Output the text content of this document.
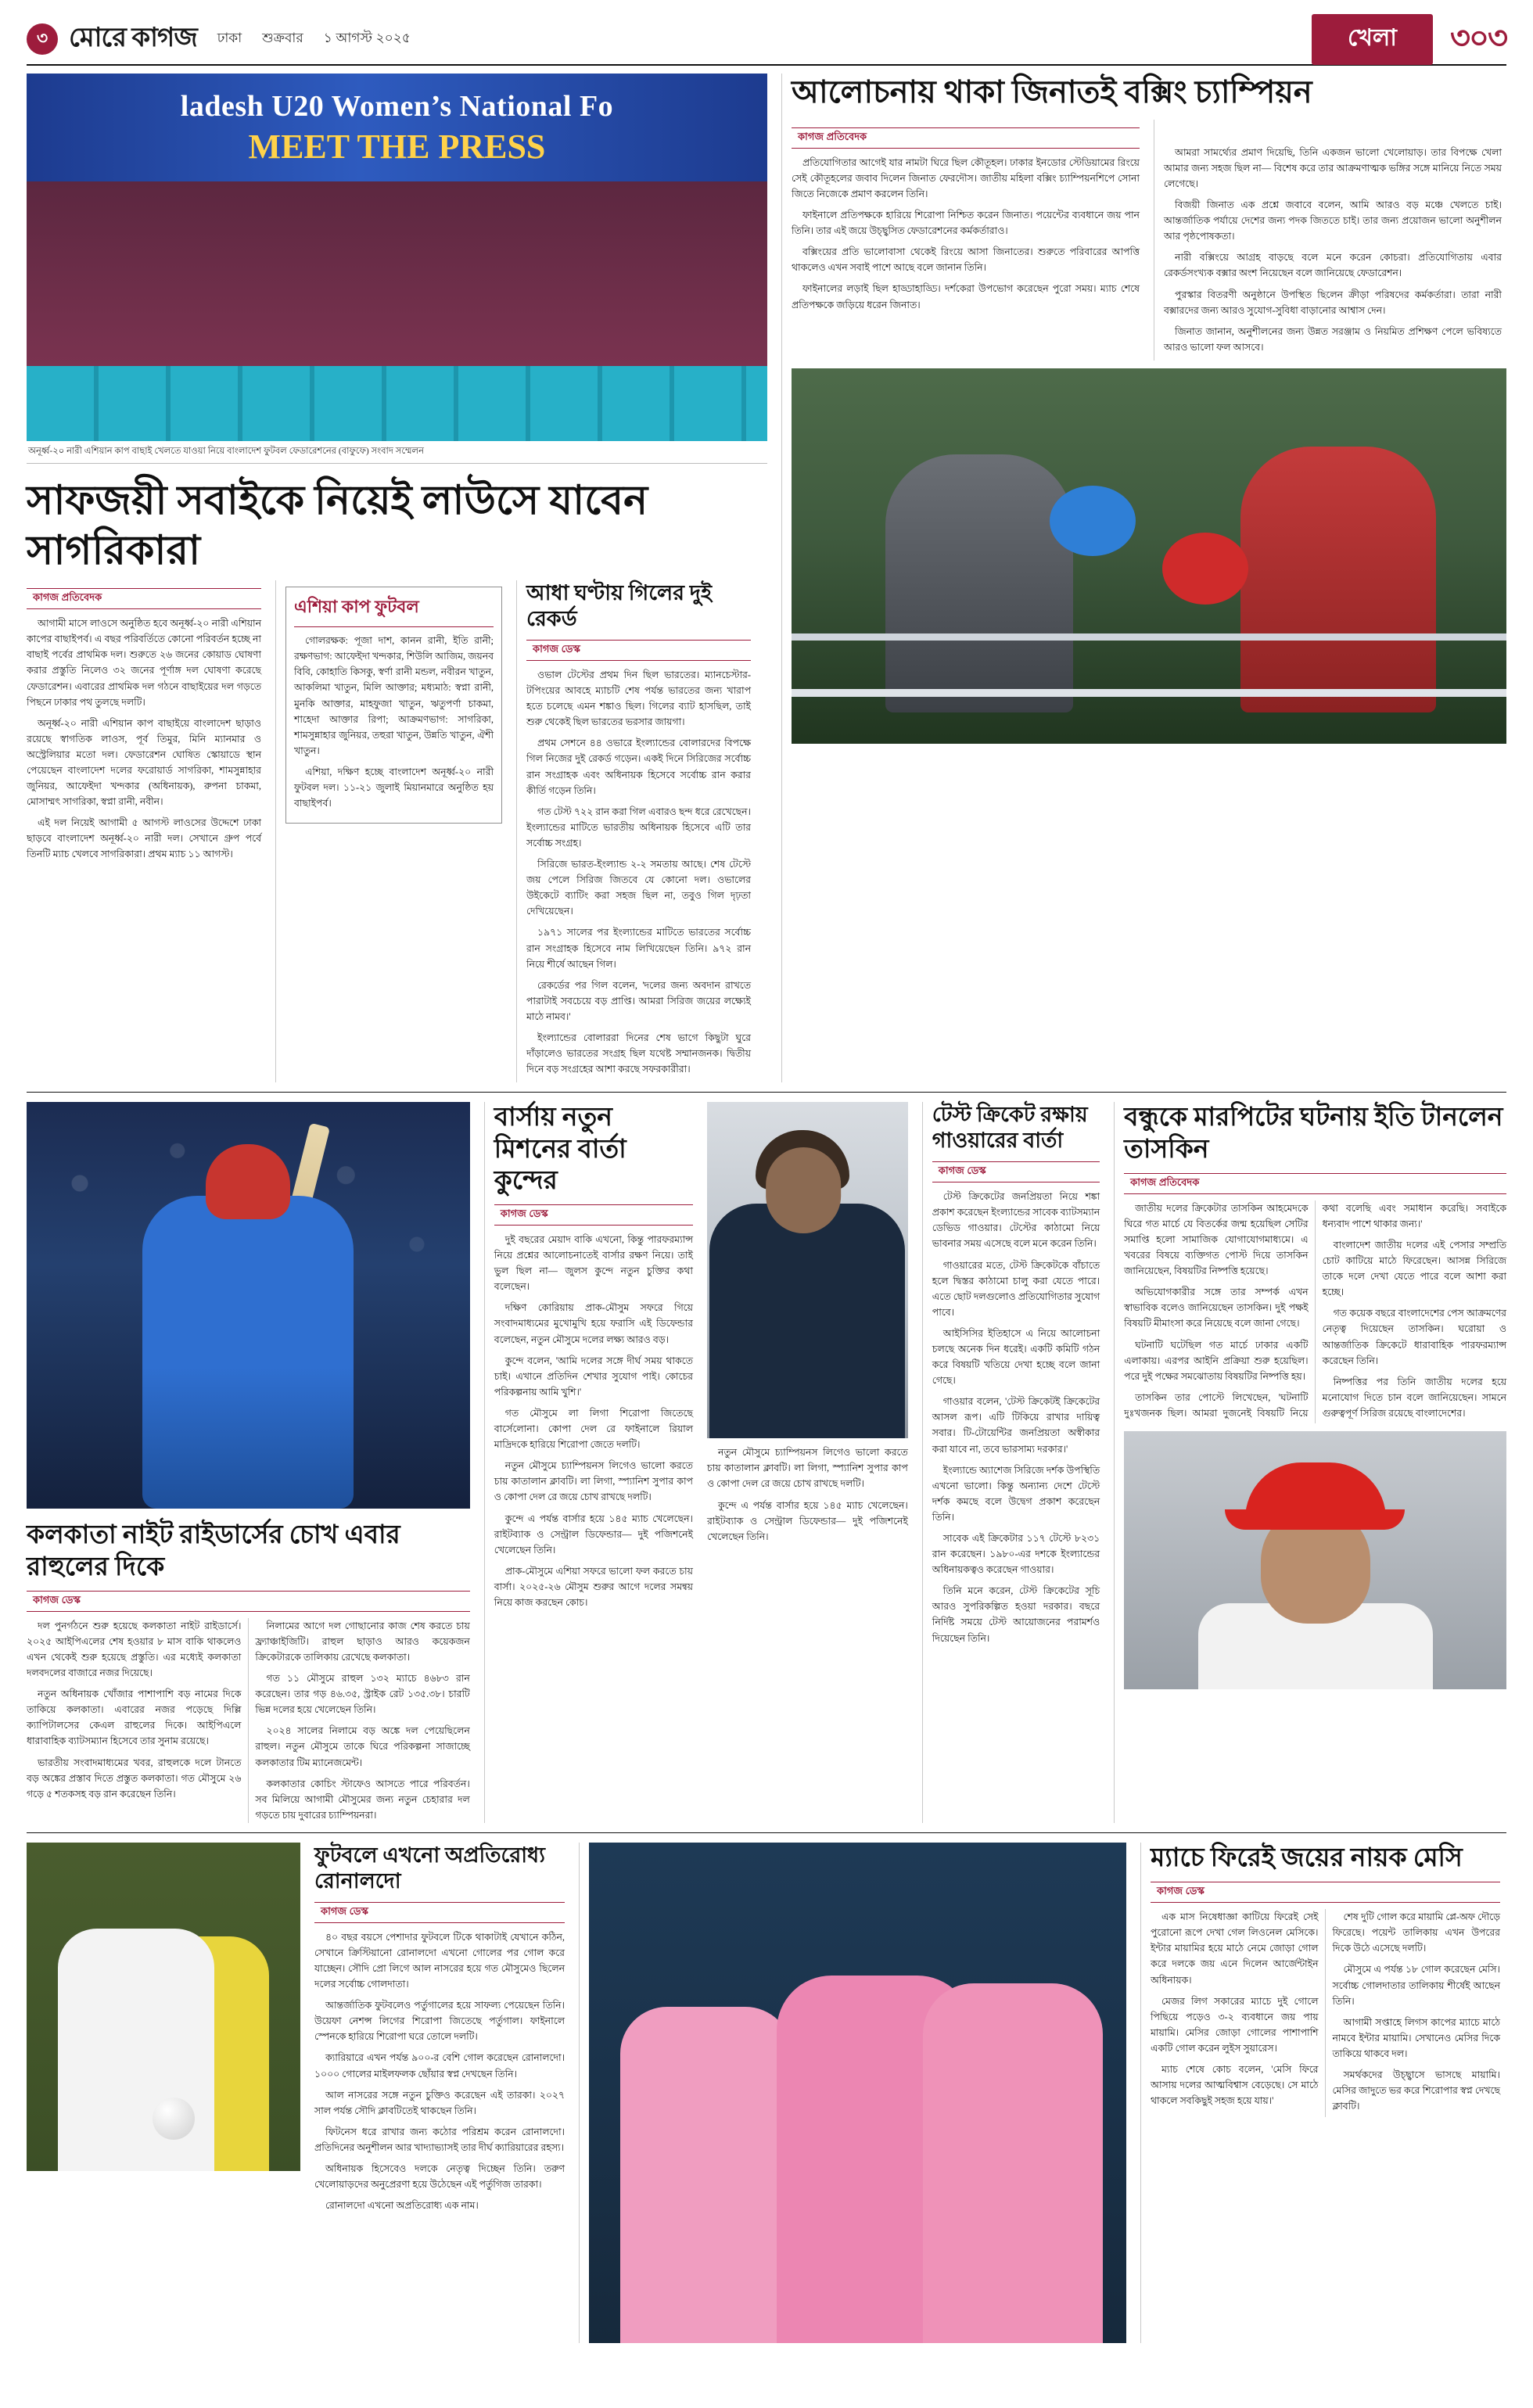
৩ মোরে কাগজ ঢাকা শুক্রবার ১ আগস্ট ২০২৫	খেলা	৩০৩
ladesh U20 Women’s National Fo
MEET THE PRESS
অনূর্ধ্ব-২০ নারী এশিয়ান কাপ বাছাই খেলতে যাওয়া নিয়ে বাংলাদেশ ফুটবল ফেডারেশনের (বাফুফে) সংবাদ সম্মেলন
সাফজয়ী সবাইকে নিয়েই লাউসে যাবেন সাগরিকারা
কাগজ প্রতিবেদক

আগামী মাসে লাওসে অনুষ্ঠিত হবে অনূর্ধ্ব-২০ নারী এশিয়ান কাপের বাছাইপর্ব। এ বছর পরিবর্তিতে কোনো পরিবর্তন হচ্ছে না বাছাই পর্বের প্রাথমিক দল। শুরুতে ২৬ জনের কোয়াড ঘোষণা করার প্রস্তুতি নিলেও ৩২ জনের পূর্ণাঙ্গ দল ঘোষণা করেছে ফেডারেশন। এবারের প্রাথমিক দল গঠনে বাছাইয়ের দল গড়তে পিছনে ঢাকার পথ তুলছে দলটি।

অনূর্ধ্ব-২০ নারী এশিয়ান কাপ বাছাইয়ে বাংলাদেশ ছাড়াও রয়েছে স্বাগতিক লাওস, পূর্ব তিমুর, মিনি ম্যানমার ও অস্ট্রেলিয়ার মতো দল। ফেডারেশন ঘোষিত স্কোয়াডে স্থান পেয়েছেন বাংলাদেশ দলের ফরোয়ার্ড সাগরিকা, শামসুন্নাহার জুনিয়র, আফেইদা খন্দকার (অধিনায়ক), রুপনা চাকমা, মোসাম্মৎ সাগরিকা, স্বপ্না রানী, নবীন।

এই দল নিয়েই আগামী ৫ আগস্ট লাওসের উদ্দেশে ঢাকা ছাড়বে বাংলাদেশ অনূর্ধ্ব-২০ নারী দল। সেখানে গ্রুপ পর্বে তিনটি ম্যাচ খেলবে সাগরিকারা। প্রথম ম্যাচ ১১ আগস্ট।

এশিয়া কাপ ফুটবল

গোলরক্ষক: পূজা দাশ, কানন রানী, ইতি রানী; রক্ষণভাগ: আফেইদা খন্দকার, শিউলি আজিম, জয়নব বিবি, কোহাতি কিসকু, স্বর্ণা রানী মন্ডল, নবীরন খাতুন, আকলিমা খাতুন, মিলি আক্তার; মধ্যমাঠ: স্বপ্না রানী, মুনকি আক্তার, মাহফুজা খাতুন, ঋতুপর্ণা চাকমা, শাহেদা আক্তার রিপা; আক্রমণভাগ: সাগরিকা, শামসুন্নাহার জুনিয়র, তহুরা খাতুন, উন্নতি খাতুন, ঐশী খাতুন।

এশিয়া, দক্ষিণ হচ্ছে বাংলাদেশ অনূর্ধ্ব-২০ নারী ফুটবল দল। ১১-২১ জুলাই মিয়ানমারে অনুষ্ঠিত হয় বাছাইপর্ব।

আধা ঘণ্টায় গিলের দুই রেকর্ড
কাগজ ডেস্ক

ওভাল টেস্টের প্রথম দিন ছিল ভারতের। ম্যানচেস্টার-টপিংয়ের আবহে ম্যাচটি শেষ পর্যন্ত ভারতের জন্য খারাপ হতে চলেছে এমন শঙ্কাও ছিল। গিলের ব্যাট হাসছিল, তাই শুরু থেকেই ছিল ভারতের ভরসার জায়গা।

প্রথম সেশনে ৪৪ ওভারে ইংল্যান্ডের বোলারদের বিপক্ষে গিল নিজের দুই রেকর্ড গড়েন। একই দিনে সিরিজের সর্বোচ্চ রান সংগ্রাহক এবং অধিনায়ক হিসেবে সর্বোচ্চ রান করার কীর্তি গড়েন তিনি।

গত টেস্ট ৭২২ রান করা গিল এবারও ছন্দ ধরে রেখেছেন। ইংল্যান্ডের মাটিতে ভারতীয় অধিনায়ক হিসেবে এটি তার সর্বোচ্চ সংগ্রহ।

সিরিজে ভারত-ইংল্যান্ড ২-২ সমতায় আছে। শেষ টেস্টে জয় পেলে সিরিজ জিতবে যে কোনো দল। ওভালের উইকেটে ব্যাটিং করা সহজ ছিল না, তবুও গিল দৃঢ়তা দেখিয়েছেন।

১৯৭১ সালের পর ইংল্যান্ডের মাটিতে ভারতের সর্বোচ্চ রান সংগ্রাহক হিসেবে নাম লিখিয়েছেন তিনি। ৯৭২ রান নিয়ে শীর্ষে আছেন গিল।

রেকর্ডের পর গিল বলেন, 'দলের জন্য অবদান রাখতে পারাটাই সবচেয়ে বড় প্রাপ্তি। আমরা সিরিজ জয়ের লক্ষ্যেই মাঠে নামব।'

ইংল্যান্ডের বোলাররা দিনের শেষ ভাগে কিছুটা ঘুরে দাঁড়ালেও ভারতের সংগ্রহ ছিল যথেষ্ট সম্মানজনক। দ্বিতীয় দিনে বড় সংগ্রহের আশা করছে সফরকারীরা।

আলোচনায় থাকা জিনাতই বক্সিং চ্যাম্পিয়ন
কাগজ প্রতিবেদক

প্রতিযোগিতার আগেই যার নামটা ঘিরে ছিল কৌতূহল। ঢাকার ইনডোর স্টেডিয়ামের রিংয়ে সেই কৌতূহলের জবাব দিলেন জিনাত ফেরদৌস। জাতীয় মহিলা বক্সিং চ্যাম্পিয়নশিপে সোনা জিতে নিজেকে প্রমাণ করলেন তিনি।

ফাইনালে প্রতিপক্ষকে হারিয়ে শিরোপা নিশ্চিত করেন জিনাত। পয়েন্টের ব্যবধানে জয় পান তিনি। তার এই জয়ে উচ্ছ্বসিত ফেডারেশনের কর্মকর্তারাও।

বক্সিংয়ের প্রতি ভালোবাসা থেকেই রিংয়ে আসা জিনাতের। শুরুতে পরিবারের আপত্তি থাকলেও এখন সবাই পাশে আছে বলে জানান তিনি।

ফাইনালের লড়াই ছিল হাড্ডাহাড্ডি। দর্শকেরা উপভোগ করেছেন পুরো সময়। ম্যাচ শেষে প্রতিপক্ষকে জড়িয়ে ধরেন জিনাত।

আমরা সামর্থ্যের প্রমাণ দিয়েছি, তিনি একজন ভালো খেলোয়াড়। তার বিপক্ষে খেলা আমার জন্য সহজ ছিল না— বিশেষ করে তার আক্রমণাত্মক ভঙ্গির সঙ্গে মানিয়ে নিতে সময় লেগেছে।

বিজয়ী জিনাত এক প্রশ্নে জবাবে বলেন, আমি আরও বড় মঞ্চে খেলতে চাই। আন্তর্জাতিক পর্যায়ে দেশের জন্য পদক জিততে চাই। তার জন্য প্রয়োজন ভালো অনুশীলন আর পৃষ্ঠপোষকতা।

নারী বক্সিংয়ে আগ্রহ বাড়ছে বলে মনে করেন কোচরা। প্রতিযোগিতায় এবার রেকর্ডসংখ্যক বক্সার অংশ নিয়েছেন বলে জানিয়েছে ফেডারেশন।

পুরস্কার বিতরণী অনুষ্ঠানে উপস্থিত ছিলেন ক্রীড়া পরিষদের কর্মকর্তারা। তারা নারী বক্সারদের জন্য আরও সুযোগ-সুবিধা বাড়ানোর আশ্বাস দেন।

জিনাত জানান, অনুশীলনের জন্য উন্নত সরঞ্জাম ও নিয়মিত প্রশিক্ষণ পেলে ভবিষ্যতে আরও ভালো ফল আসবে।

কলকাতা নাইট রাইডার্সের চোখ এবার রাহুলের দিকে
কাগজ ডেস্ক

দল পুনর্গঠনে শুরু হয়েছে কলকাতা নাইট রাইডার্সে। ২০২৫ আইপিএলের শেষ হওয়ার ৮ মাস বাকি থাকলেও এখন থেকেই শুরু হয়েছে প্রস্তুতি। এর মধ্যেই কলকাতা দলবদলের বাজারে নজর দিয়েছে।

নতুন অধিনায়ক খোঁজার পাশাপাশি বড় নামের দিকে তাকিয়ে কলকাতা। এবারের নজর পড়েছে দিল্লি ক্যাপিটালসের কেএল রাহুলের দিকে। আইপিএলে ধারাবাহিক ব্যাটসম্যান হিসেবে তার সুনাম রয়েছে।

ভারতীয় সংবাদমাধ্যমের খবর, রাহুলকে দলে টানতে বড় অঙ্কের প্রস্তাব দিতে প্রস্তুত কলকাতা। গত মৌসুমে ২৬ গড়ে ৫ শতকসহ বড় রান করেছেন তিনি।

নিলামের আগে দল গোছানোর কাজ শেষ করতে চায় ফ্র্যাঞ্চাইজিটি। রাহুল ছাড়াও আরও কয়েকজন ক্রিকেটারকে তালিকায় রেখেছে কলকাতা।

গত ১১ মৌসুমে রাহুল ১৩২ ম্যাচে ৪৬৮৩ রান করেছেন। তার গড় ৪৬.৩৫, স্ট্রাইক রেট ১৩৫.৩৮। চারটি ভিন্ন দলের হয়ে খেলেছেন তিনি।

২০২৪ সালের নিলামে বড় অঙ্কে দল পেয়েছিলেন রাহুল। নতুন মৌসুমে তাকে ঘিরে পরিকল্পনা সাজাচ্ছে কলকাতার টিম ম্যানেজমেন্ট।

কলকাতার কোচিং স্টাফেও আসতে পারে পরিবর্তন। সব মিলিয়ে আগামী মৌসুমের জন্য নতুন চেহারার দল গড়তে চায় দুবারের চ্যাম্পিয়নরা।

বার্সায় নতুন মিশনের বার্তা কুন্দের
কাগজ ডেস্ক

দুই বছরের মেয়াদ বাকি এখনো, কিন্তু পারফরম্যান্স নিয়ে প্রশ্নের আলোচনাতেই বার্সার রক্ষণ নিয়ে। তাই ভুল ছিল না— জুলস কুন্দে নতুন চুক্তির কথা বলেছেন।

দক্ষিণ কোরিয়ায় প্রাক-মৌসুম সফরে গিয়ে সংবাদমাধ্যমের মুখোমুখি হয়ে ফরাসি এই ডিফেন্ডার বলেছেন, নতুন মৌসুমে দলের লক্ষ্য আরও বড়।

কুন্দে বলেন, 'আমি দলের সঙ্গে দীর্ঘ সময় থাকতে চাই। এখানে প্রতিদিন শেখার সুযোগ পাই। কোচের পরিকল্পনায় আমি খুশি।'

গত মৌসুমে লা লিগা শিরোপা জিতেছে বার্সেলোনা। কোপা দেল রে ফাইনালে রিয়াল মাদ্রিদকে হারিয়ে শিরোপা জেতে দলটি।

নতুন মৌসুমে চ্যাম্পিয়নস লিগেও ভালো করতে চায় কাতালান ক্লাবটি। লা লিগা, স্প্যানিশ সুপার কাপ ও কোপা দেল রে জয়ে চোখ রাখছে দলটি।

কুন্দে এ পর্যন্ত বার্সার হয়ে ১৪৫ ম্যাচ খেলেছেন। রাইটব্যাক ও সেন্ট্রাল ডিফেন্ডার— দুই পজিশনেই খেলেছেন তিনি।

প্রাক-মৌসুমে এশিয়া সফরে ভালো ফল করতে চায় বার্সা। ২০২৫-২৬ মৌসুম শুরুর আগে দলের সমন্বয় নিয়ে কাজ করছেন কোচ।

নতুন মৌসুমে চ্যাম্পিয়নস লিগেও ভালো করতে চায় কাতালান ক্লাবটি। লা লিগা, স্প্যানিশ সুপার কাপ ও কোপা দেল রে জয়ে চোখ রাখছে দলটি।

কুন্দে এ পর্যন্ত বার্সার হয়ে ১৪৫ ম্যাচ খেলেছেন। রাইটব্যাক ও সেন্ট্রাল ডিফেন্ডার— দুই পজিশনেই খেলেছেন তিনি।

টেস্ট ক্রিকেট রক্ষায় গাওয়ারের বার্তা
কাগজ ডেস্ক

টেস্ট ক্রিকেটের জনপ্রিয়তা নিয়ে শঙ্কা প্রকাশ করেছেন ইংল্যান্ডের সাবেক ব্যাটসম্যান ডেভিড গাওয়ার। টেস্টের কাঠামো নিয়ে ভাবনার সময় এসেছে বলে মনে করেন তিনি।

গাওয়ারের মতে, টেস্ট ক্রিকেটকে বাঁচাতে হলে দ্বিস্তর কাঠামো চালু করা যেতে পারে। এতে ছোট দলগুলোও প্রতিযোগিতার সুযোগ পাবে।

আইসিসির ইতিহাসে এ নিয়ে আলোচনা চলছে অনেক দিন ধরেই। একটি কমিটি গঠন করে বিষয়টি খতিয়ে দেখা হচ্ছে বলে জানা গেছে।

গাওয়ার বলেন, 'টেস্ট ক্রিকেটই ক্রিকেটের আসল রূপ। এটি টিকিয়ে রাখার দায়িত্ব সবার। টি-টোয়েন্টির জনপ্রিয়তা অস্বীকার করা যাবে না, তবে ভারসাম্য দরকার।'

ইংল্যান্ডে অ্যাশেজ সিরিজে দর্শক উপস্থিতি এখনো ভালো। কিন্তু অন্যান্য দেশে টেস্টে দর্শক কমছে বলে উদ্বেগ প্রকাশ করেছেন তিনি।

সাবেক এই ক্রিকেটার ১১৭ টেস্টে ৮২৩১ রান করেছেন। ১৯৮০-এর দশকে ইংল্যান্ডের অধিনায়কত্বও করেছেন গাওয়ার।

তিনি মনে করেন, টেস্ট ক্রিকেটের সূচি আরও সুপরিকল্পিত হওয়া দরকার। বছরে নির্দিষ্ট সময়ে টেস্ট আয়োজনের পরামর্শও দিয়েছেন তিনি।

বন্ধুকে মারপিটের ঘটনায় ইতি টানলেন তাসকিন
কাগজ প্রতিবেদক

জাতীয় দলের ক্রিকেটার তাসকিন আহমেদকে ঘিরে গত মার্চে যে বিতর্কের জন্ম হয়েছিল সেটির সমাপ্তি হলো সামাজিক যোগাযোগমাধ্যমে। এ খবরের বিষয়ে ব্যক্তিগত পোস্ট দিয়ে তাসকিন জানিয়েছেন, বিষয়টির নিষ্পত্তি হয়েছে।

অভিযোগকারীর সঙ্গে তার সম্পর্ক এখন স্বাভাবিক বলেও জানিয়েছেন তাসকিন। দুই পক্ষই বিষয়টি মীমাংসা করে নিয়েছে বলে জানা গেছে।

ঘটনাটি ঘটেছিল গত মার্চে ঢাকার একটি এলাকায়। এরপর আইনি প্রক্রিয়া শুরু হয়েছিল। পরে দুই পক্ষের সমঝোতায় বিষয়টির নিষ্পত্তি হয়।

তাসকিন তার পোস্টে লিখেছেন, 'ঘটনাটি দুঃখজনক ছিল। আমরা দুজনেই বিষয়টি নিয়ে কথা বলেছি এবং সমাধান করেছি। সবাইকে ধন্যবাদ পাশে থাকার জন্য।'

বাংলাদেশ জাতীয় দলের এই পেসার সম্প্রতি চোট কাটিয়ে মাঠে ফিরেছেন। আসন্ন সিরিজে তাকে দলে দেখা যেতে পারে বলে আশা করা হচ্ছে।

গত কয়েক বছরে বাংলাদেশের পেস আক্রমণের নেতৃত্ব দিয়েছেন তাসকিন। ঘরোয়া ও আন্তর্জাতিক ক্রিকেটে ধারাবাহিক পারফরম্যান্স করেছেন তিনি।

নিষ্পত্তির পর তিনি জাতীয় দলের হয়ে মনোযোগ দিতে চান বলে জানিয়েছেন। সামনে গুরুত্বপূর্ণ সিরিজ রয়েছে বাংলাদেশের।

ফুটবলে এখনো অপ্রতিরোধ্য রোনালদো
কাগজ ডেস্ক

৪০ বছর বয়সে পেশাদার ফুটবলে টিকে থাকাটাই যেখানে কঠিন, সেখানে ক্রিস্টিয়ানো রোনালদো এখনো গোলের পর গোল করে যাচ্ছেন। সৌদি প্রো লিগে আল নাসরের হয়ে গত মৌসুমেও ছিলেন দলের সর্বোচ্চ গোলদাতা।

আন্তর্জাতিক ফুটবলেও পর্তুগালের হয়ে সাফল্য পেয়েছেন তিনি। উয়েফা নেশন্স লিগের শিরোপা জিতেছে পর্তুগাল। ফাইনালে স্পেনকে হারিয়ে শিরোপা ঘরে তোলে দলটি।

ক্যারিয়ারে এখন পর্যন্ত ৯০০-র বেশি গোল করেছেন রোনালদো। ১০০০ গোলের মাইলফলক ছোঁয়ার স্বপ্ন দেখছেন তিনি।

আল নাসরের সঙ্গে নতুন চুক্তিও করেছেন এই তারকা। ২০২৭ সাল পর্যন্ত সৌদি ক্লাবটিতেই থাকছেন তিনি।

ফিটনেস ধরে রাখার জন্য কঠোর পরিশ্রম করেন রোনালদো। প্রতিদিনের অনুশীলন আর খাদ্যাভ্যাসই তার দীর্ঘ ক্যারিয়ারের রহস্য।

অধিনায়ক হিসেবেও দলকে নেতৃত্ব দিচ্ছেন তিনি। তরুণ খেলোয়াড়দের অনুপ্রেরণা হয়ে উঠেছেন এই পর্তুগিজ তারকা।

রোনালদো এখনো অপ্রতিরোধ্য এক নাম।

ম্যাচে ফিরেই জয়ের নায়ক মেসি
কাগজ ডেস্ক

এক মাস নিষেধাজ্ঞা কাটিয়ে ফিরেই সেই পুরোনো রূপে দেখা গেল লিওনেল মেসিকে। ইন্টার মায়ামির হয়ে মাঠে নেমে জোড়া গোল করে দলকে জয় এনে দিলেন আর্জেন্টাইন অধিনায়ক।

মেজর লিগ সকারের ম্যাচে দুই গোলে পিছিয়ে পড়েও ৩-২ ব্যবধানে জয় পায় মায়ামি। মেসির জোড়া গোলের পাশাপাশি একটি গোল করেন লুইস সুয়ারেস।

ম্যাচ শেষে কোচ বলেন, 'মেসি ফিরে আসায় দলের আত্মবিশ্বাস বেড়েছে। সে মাঠে থাকলে সবকিছুই সহজ হয়ে যায়।'

শেষ দুটি গোল করে মায়ামি প্লে-অফ দৌড়ে ফিরেছে। পয়েন্ট তালিকায় এখন উপরের দিকে উঠে এসেছে দলটি।

মৌসুমে এ পর্যন্ত ১৮ গোল করেছেন মেসি। সর্বোচ্চ গোলদাতার তালিকায় শীর্ষেই আছেন তিনি।

আগামী সপ্তাহে লিগস কাপের ম্যাচে মাঠে নামবে ইন্টার মায়ামি। সেখানেও মেসির দিকে তাকিয়ে থাকবে দল।

সমর্থকদের উচ্ছ্বাসে ভাসছে মায়ামি। মেসির জাদুতে ভর করে শিরোপার স্বপ্ন দেখছে ক্লাবটি।
